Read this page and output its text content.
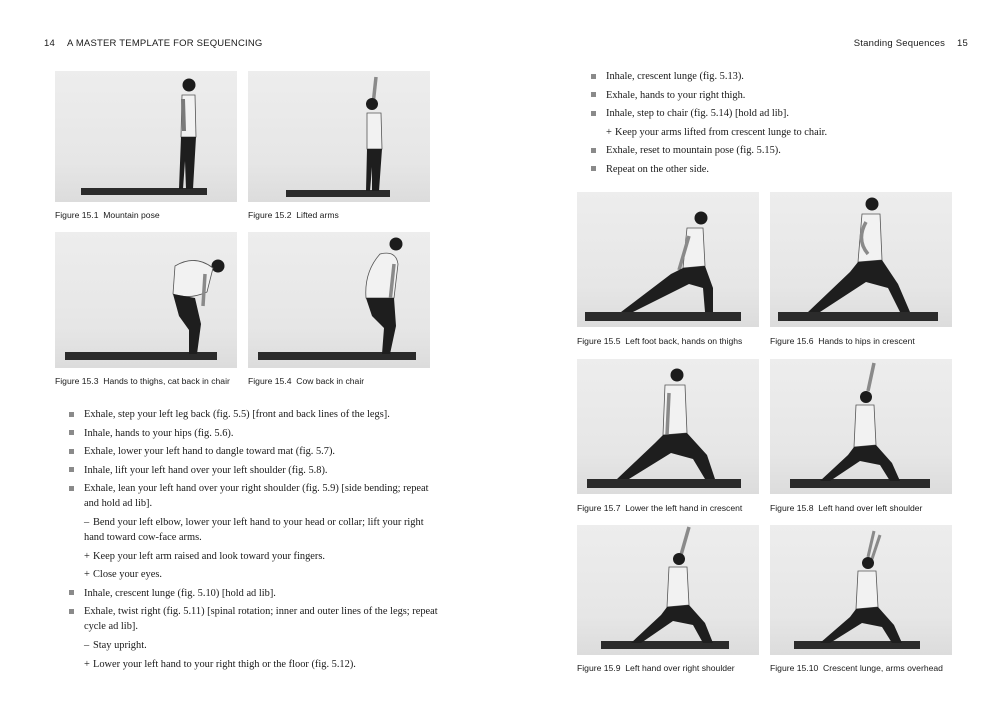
14 A MASTER TEMPLATE FOR SEQUENCING
Figure 15.1 Mountain pose	Figure 15.2 Lifted arms
Figure 15.3 Hands to thighs, cat back in chair Figure 15.4 Cow back in chair
Exhale, step your left leg back (fig. 5.5) [front and back lines of the legs].
Inhale, hands to your hips (fig. 5.6).
Exhale, lower your left hand to dangle toward mat (fig. 5.7).
Inhale, lift your left hand over your left shoulder (fig. 5.8).
Exhale, lean your left hand over your right shoulder (fig. 5.9) [side bending; repeat and hold ad lib].
– Bend your left elbow, lower your left hand to your head or collar; lift your right hand toward cow-face arms.
+ Keep your left arm raised and look toward your fingers.
+ Close your eyes.
Inhale, crescent lunge (fig. 5.10) [hold ad lib].
Exhale, twist right (fig. 5.11) [spinal rotation; inner and outer lines of the legs; repeat cycle ad lib].
– Stay upright.
+ Lower your left hand to your right thigh or the floor (fig. 5.12).
Standing Sequences 15
Inhale, crescent lunge (fig. 5.13).
Exhale, hands to your right thigh.
Inhale, step to chair (fig. 5.14) [hold ad lib].
+ Keep your arms lifted from crescent lunge to chair.
Exhale, reset to mountain pose (fig. 5.15).
Repeat on the other side.
Figure 15.5 Left foot back, hands on thighs	Figure 15.6 Hands to hips in crescent
Figure 15.7 Lower the left hand in crescent	Figure 15.8 Left hand over left shoulder
Figure 15.9 Left hand over right shoulder	Figure 15.10 Crescent lunge, arms overhead
